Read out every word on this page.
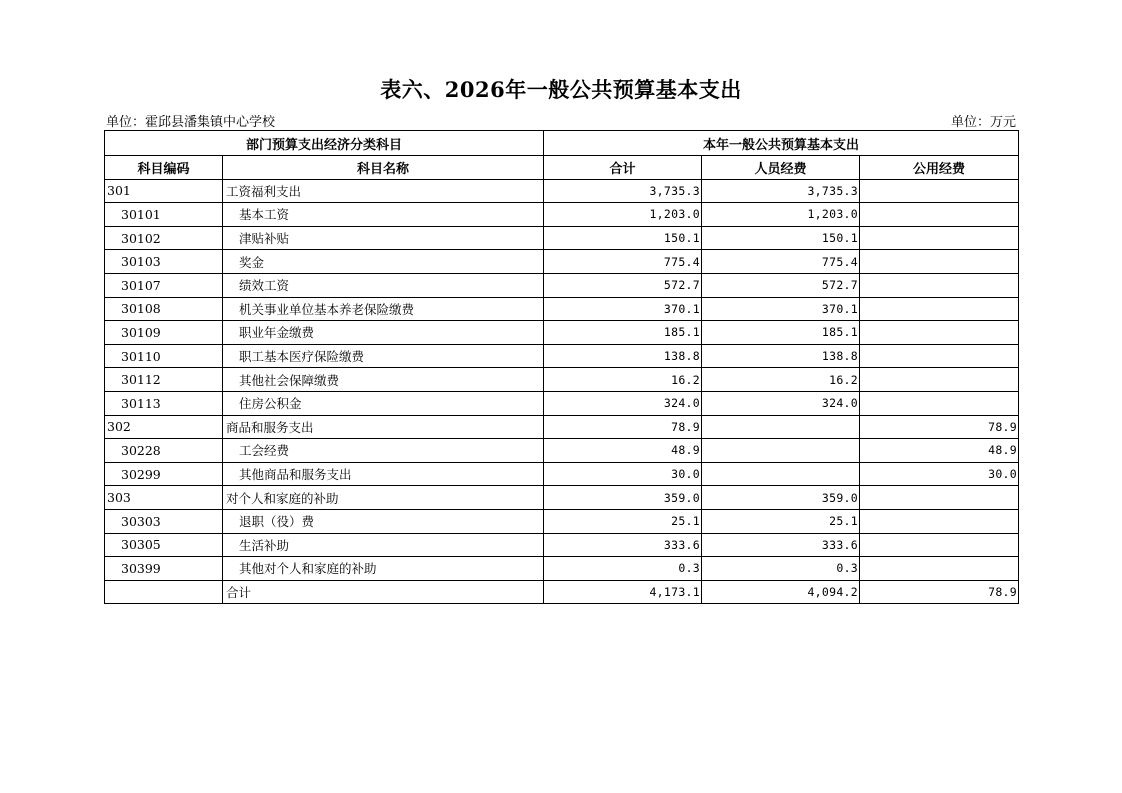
表六、2026年一般公共预算基本支出
单位：霍邱县潘集镇中心学校	单位：万元
部门预算支出经济分类科目		本年一般公共预算基本支出		
科目编码	科目名称	合计	人员经费	公用经费
301	工资福利支出	3,735.3	3,735.3	
30101	基本工资	1,203.0	1,203.0	
30102	津贴补贴	150.1	150.1	
30103	奖金	775.4	775.4	
30107	绩效工资	572.7	572.7	
30108	机关事业单位基本养老保险缴费	370.1	370.1	
30109	职业年金缴费	185.1	185.1	
30110	职工基本医疗保险缴费	138.8	138.8	
30112	其他社会保障缴费	16.2	16.2	
30113	住房公积金	324.0	324.0	
302	商品和服务支出	78.9		78.9
30228	工会经费	48.9		48.9
30299	其他商品和服务支出	30.0		30.0
303	对个人和家庭的补助	359.0	359.0	
30303	退职（役）费	25.1	25.1	
30305	生活补助	333.6	333.6	
30399	其他对个人和家庭的补助	0.3	0.3	
	合计	4,173.1	4,094.2	78.9
